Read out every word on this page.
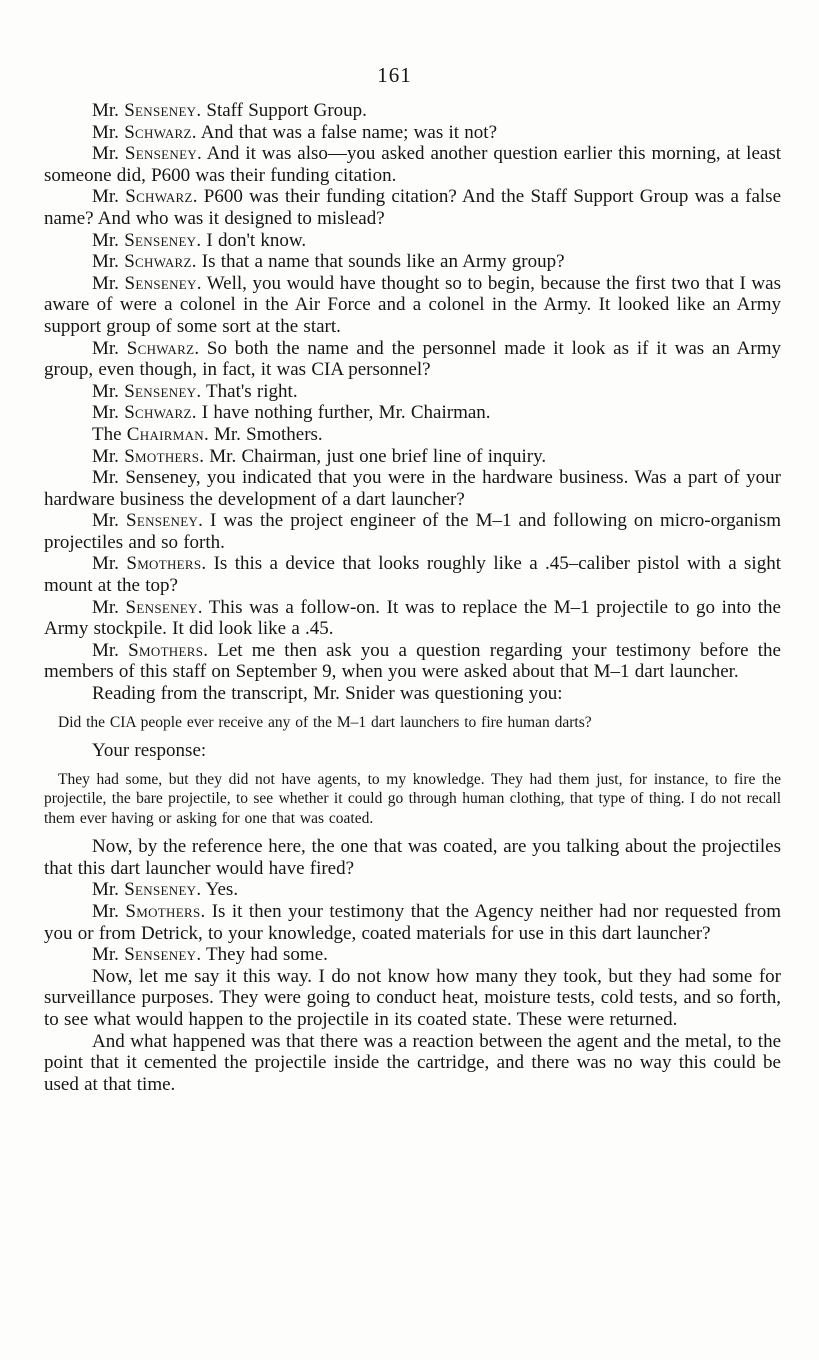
161

Mr. Senseney. Staff Support Group.

Mr. Schwarz. And that was a false name; was it not?

Mr. Senseney. And it was also—you asked another question earlier this morning, at least someone did, P600 was their funding citation.

Mr. Schwarz. P600 was their funding citation? And the Staff Support Group was a false name? And who was it designed to mislead?

Mr. Senseney. I don't know.

Mr. Schwarz. Is that a name that sounds like an Army group?

Mr. Senseney. Well, you would have thought so to begin, because the first two that I was aware of were a colonel in the Air Force and a colonel in the Army. It looked like an Army support group of some sort at the start.

Mr. Schwarz. So both the name and the personnel made it look as if it was an Army group, even though, in fact, it was CIA personnel?

Mr. Senseney. That's right.

Mr. Schwarz. I have nothing further, Mr. Chairman.

The Chairman. Mr. Smothers.

Mr. Smothers. Mr. Chairman, just one brief line of inquiry.

Mr. Senseney, you indicated that you were in the hardware business. Was a part of your hardware business the development of a dart launcher?

Mr. Senseney. I was the project engineer of the M–1 and following on micro-organism projectiles and so forth.

Mr. Smothers. Is this a device that looks roughly like a .45–caliber pistol with a sight mount at the top?

Mr. Senseney. This was a follow-on. It was to replace the M–1 projectile to go into the Army stockpile. It did look like a .45.

Mr. Smothers. Let me then ask you a question regarding your testimony before the members of this staff on September 9, when you were asked about that M–1 dart launcher.

Reading from the transcript, Mr. Snider was questioning you:

Did the CIA people ever receive any of the M–1 dart launchers to fire human darts?

Your response:

They had some, but they did not have agents, to my knowledge. They had them just, for instance, to fire the projectile, the bare projectile, to see whether it could go through human clothing, that type of thing. I do not recall them ever having or asking for one that was coated.

Now, by the reference here, the one that was coated, are you talking about the projectiles that this dart launcher would have fired?

Mr. Senseney. Yes.

Mr. Smothers. Is it then your testimony that the Agency neither had nor requested from you or from Detrick, to your knowledge, coated materials for use in this dart launcher?

Mr. Senseney. They had some.

Now, let me say it this way. I do not know how many they took, but they had some for surveillance purposes. They were going to conduct heat, moisture tests, cold tests, and so forth, to see what would happen to the projectile in its coated state. These were returned.

And what happened was that there was a reaction between the agent and the metal, to the point that it cemented the projectile inside the cartridge, and there was no way this could be used at that time.
